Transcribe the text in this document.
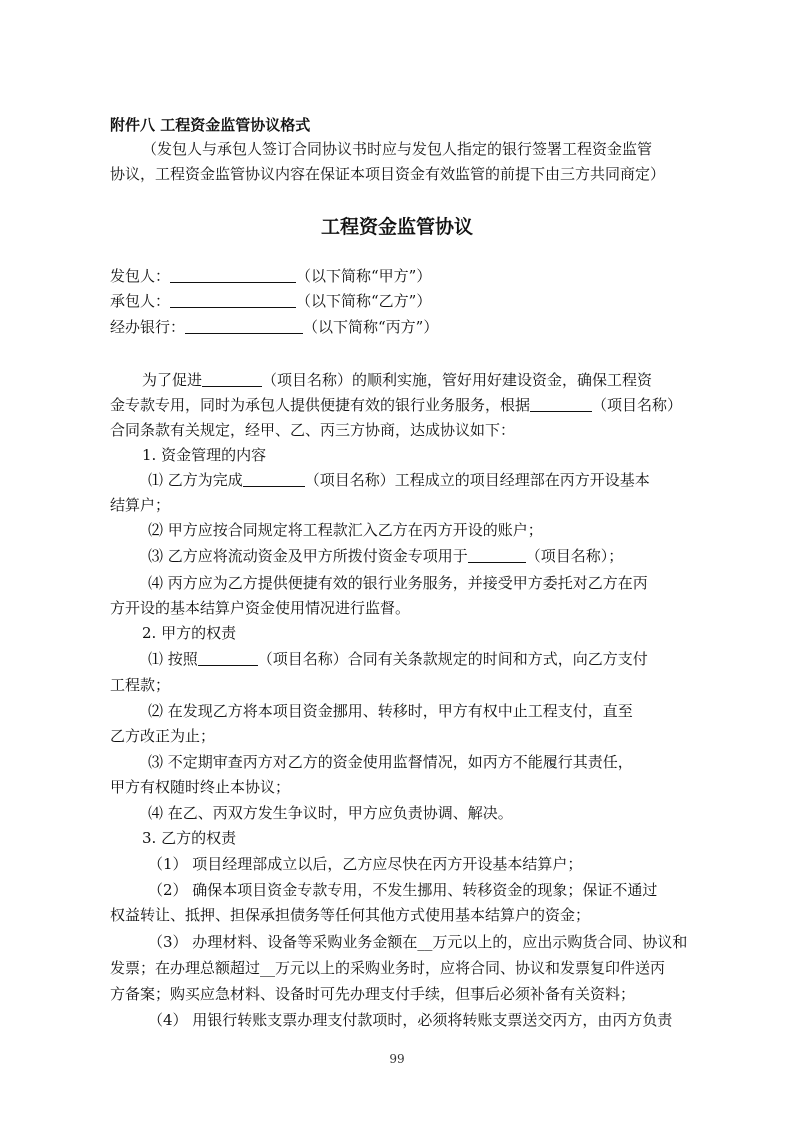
附件八 工程资金监管协议格式
（发包人与承包人签订合同协议书时应与发包人指定的银行签署工程资金监管
协议，工程资金监管协议内容在保证本项目资金有效监管的前提下由三方共同商定）
工程资金监管协议
发包人：	（以下简称“甲方”）
承包人：	（以下简称“乙方”）
经办银行：	（以下简称“丙方”）
为了促进	（项目名称）的顺利实施，管好用好建设资金，确保工程资
金专款专用，同时为承包人提供便捷有效的银行业务服务，根据	（项目名称）
合同条款有关规定，经甲、乙、丙三方协商，达成协议如下：
1. 资金管理的内容
⑴ 乙方为完成	（项目名称）工程成立的项目经理部在丙方开设基本
结算户；
⑵ 甲方应按合同规定将工程款汇入乙方在丙方开设的账户；
⑶ 乙方应将流动资金及甲方所拨付资金专项用于	（项目名称）；
⑷ 丙方应为乙方提供便捷有效的银行业务服务，并接受甲方委托对乙方在丙
方开设的基本结算户资金使用情况进行监督。
2. 甲方的权责
⑴ 按照	（项目名称）合同有关条款规定的时间和方式，向乙方支付
工程款；
⑵ 在发现乙方将本项目资金挪用、转移时，甲方有权中止工程支付，直至
乙方改正为止；
⑶ 不定期审查丙方对乙方的资金使用监督情况，如丙方不能履行其责任，
甲方有权随时终止本协议；
⑷ 在乙、丙双方发生争议时，甲方应负责协调、解决。
3. 乙方的权责
（1） 项目经理部成立以后，乙方应尽快在丙方开设基本结算户；
（2） 确保本项目资金专款专用，不发生挪用、转移资金的现象；保证不通过
权益转让、抵押、担保承担债务等任何其他方式使用基本结算户的资金；
（3） 办理材料、设备等采购业务金额在__万元以上的，应出示购货合同、协议和
发票；在办理总额超过__万元以上的采购业务时，应将合同、协议和发票复印件送丙
方备案；购买应急材料、设备时可先办理支付手续，但事后必须补备有关资料；
（4） 用银行转账支票办理支付款项时，必须将转账支票送交丙方，由丙方负责
99
